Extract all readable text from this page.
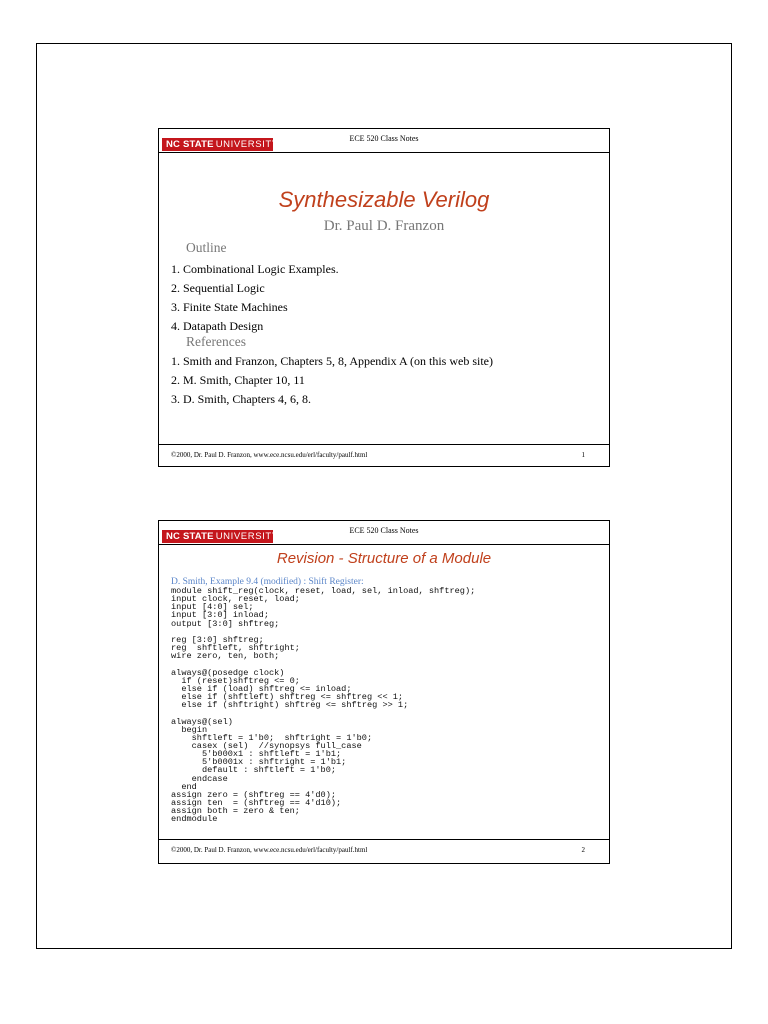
NC STATE UNIVERSITY
ECE 520 Class Notes
Synthesizable Verilog
Dr. Paul D. Franzon
Outline
1. Combinational Logic Examples.
2. Sequential Logic
3. Finite State Machines
4. Datapath Design
References
1. Smith and Franzon, Chapters 5, 8, Appendix A (on this web site)
2. M. Smith, Chapter 10, 11
3. D. Smith, Chapters 4, 6, 8.
©2000, Dr. Paul D. Franzon, www.ece.ncsu.edu/erl/faculty/paulf.html	1
NC STATE UNIVERSITY
ECE 520 Class Notes
Revision - Structure of a Module
D. Smith, Example 9.4 (modified) : Shift Register:
module shift_reg(clock, reset, load, sel, inload, shftreg);
input clock, reset, load;
input [4:0] sel;
input [3:0] inload;
output [3:0] shftreg;

reg [3:0] shftreg;
reg  shftleft, shftright;
wire zero, ten, both;

always@(posedge clock)
if (reset)shftreg <= 0;
else if (load) shftreg <= inload;
else if (shftleft) shftreg <= shftreg << 1;
else if (shftright) shftreg <= shftreg >> 1;

always@(sel)
begin
shftleft = 1'b0;  shftright = 1'b0;
casex (sel)  //synopsys full_case
5'b000x1 : shftleft = 1'b1;
5'b0001x : shftright = 1'b1;
default : shftleft = 1'b0;
endcase
end
assign zero = (shftreg == 4'd0);
assign ten  = (shftreg == 4'd10);
assign both = zero & ten;
endmodule
©2000, Dr. Paul D. Franzon, www.ece.ncsu.edu/erl/faculty/paulf.html	2
